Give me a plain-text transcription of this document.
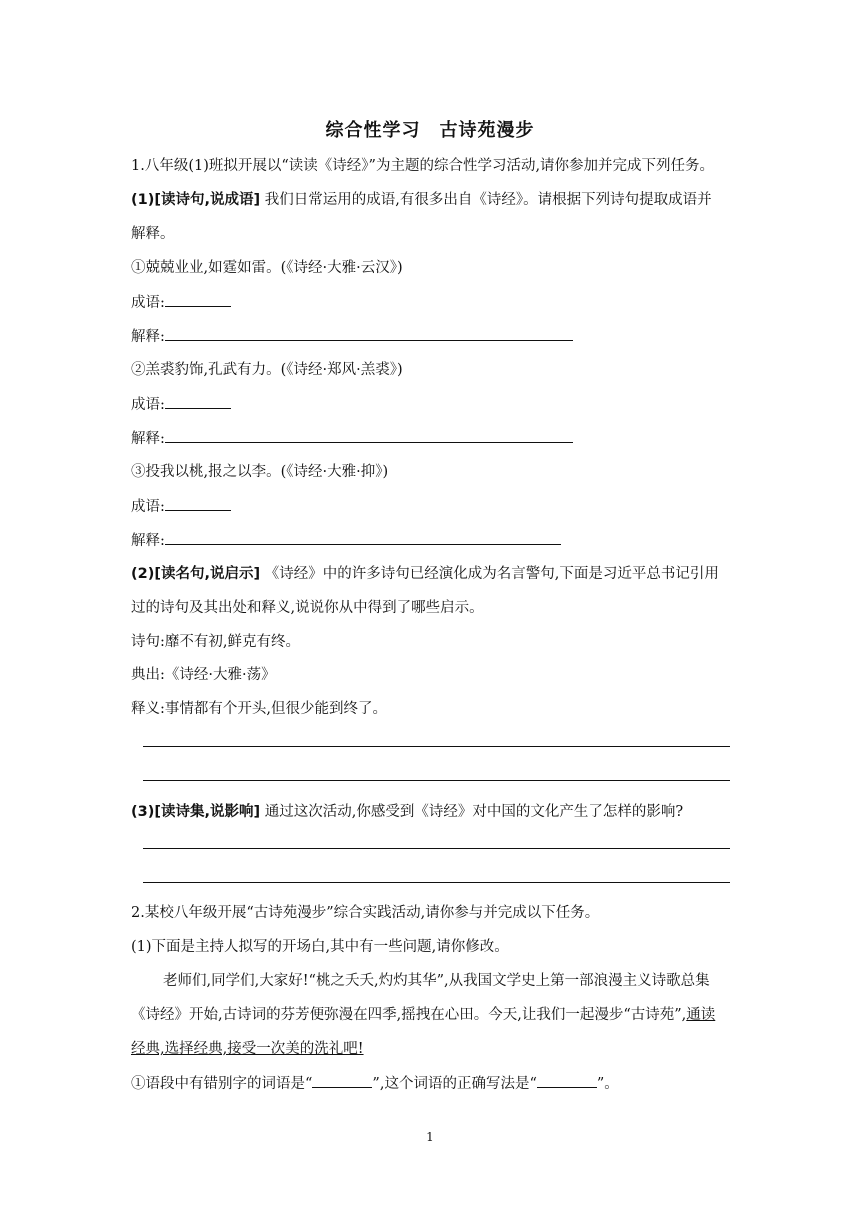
综合性学习　古诗苑漫步
1.八年级(1)班拟开展以“读读《诗经》”为主题的综合性学习活动,请你参加并完成下列任务。
(1)[读诗句,说成语] 我们日常运用的成语,有很多出自《诗经》。请根据下列诗句提取成语并
解释。
①兢兢业业,如霆如雷。(《诗经·大雅·云汉》)
成语:
解释:
②羔裘豹饰,孔武有力。(《诗经·郑风·羔裘》)
成语:
解释:
③投我以桃,报之以李。(《诗经·大雅·抑》)
成语:
解释:
(2)[读名句,说启示] 《诗经》中的许多诗句已经演化成为名言警句,下面是习近平总书记引用
过的诗句及其出处和释义,说说你从中得到了哪些启示。
诗句:靡不有初,鲜克有终。
典出:《诗经·大雅·荡》
释义:事情都有个开头,但很少能到终了。
(3)[读诗集,说影响] 通过这次活动,你感受到《诗经》对中国的文化产生了怎样的影响?
2.某校八年级开展“古诗苑漫步”综合实践活动,请你参与并完成以下任务。
(1)下面是主持人拟写的开场白,其中有一些问题,请你修改。
老师们,同学们,大家好!“桃之夭夭,灼灼其华”,从我国文学史上第一部浪漫主义诗歌总集
《诗经》开始,古诗词的芬芳便弥漫在四季,摇拽在心田。今天,让我们一起漫步“古诗苑”,通读
经典,选择经典,接受一次美的洗礼吧!
①语段中有错别字的词语是“	”,这个词语的正确写法是“	”。
1
